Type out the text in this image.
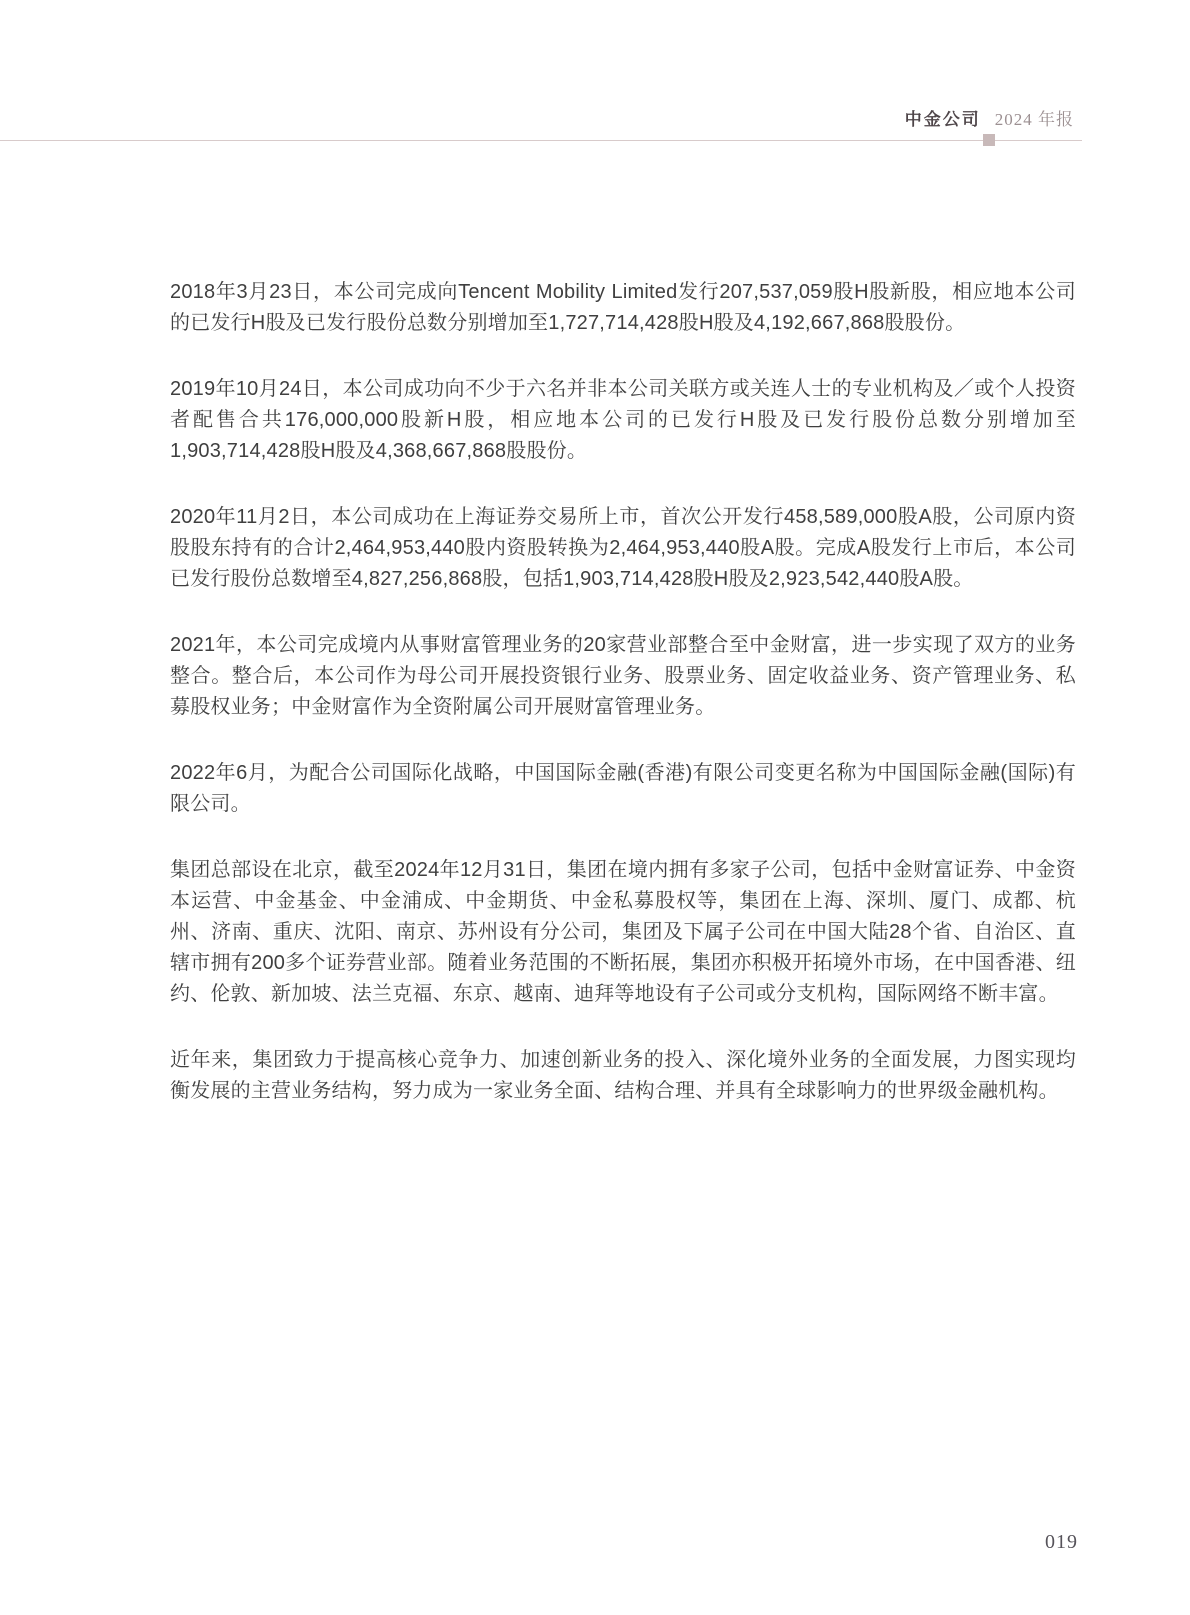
中金公司 2024 年报

2018年3月23日，本公司完成向Tencent Mobility Limited发行207,537,059股H股新股，相应地本公司的已发行H股及已发行股份总数分别增加至1,727,714,428股H股及4,192,667,868股股份。

2019年10月24日，本公司成功向不少于六名并非本公司关联方或关连人士的专业机构及／或个人投资者配售合共176,000,000股新H股，相应地本公司的已发行H股及已发行股份总数分别增加至1,903,714,428股H股及4,368,667,868股股份。

2020年11月2日，本公司成功在上海证券交易所上市，首次公开发行458,589,000股A股，公司原内资股股东持有的合计2,464,953,440股内资股转换为2,464,953,440股A股。完成A股发行上市后，本公司已发行股份总数增至4,827,256,868股，包括1,903,714,428股H股及2,923,542,440股A股。

2021年，本公司完成境内从事财富管理业务的20家营业部整合至中金财富，进一步实现了双方的业务整合。整合后，本公司作为母公司开展投资银行业务、股票业务、固定收益业务、资产管理业务、私募股权业务；中金财富作为全资附属公司开展财富管理业务。

2022年6月，为配合公司国际化战略，中国国际金融(香港)有限公司变更名称为中国国际金融(国际)有限公司。

集团总部设在北京，截至2024年12月31日，集团在境内拥有多家子公司，包括中金财富证券、中金资本运营、中金基金、中金浦成、中金期货、中金私募股权等，集团在上海、深圳、厦门、成都、杭州、济南、重庆、沈阳、南京、苏州设有分公司，集团及下属子公司在中国大陆28个省、自治区、直辖市拥有200多个证券营业部。随着业务范围的不断拓展，集团亦积极开拓境外市场，在中国香港、纽约、伦敦、新加坡、法兰克福、东京、越南、迪拜等地设有子公司或分支机构，国际网络不断丰富。

近年来，集团致力于提高核心竞争力、加速创新业务的投入、深化境外业务的全面发展，力图实现均衡发展的主营业务结构，努力成为一家业务全面、结构合理、并具有全球影响力的世界级金融机构。

019
